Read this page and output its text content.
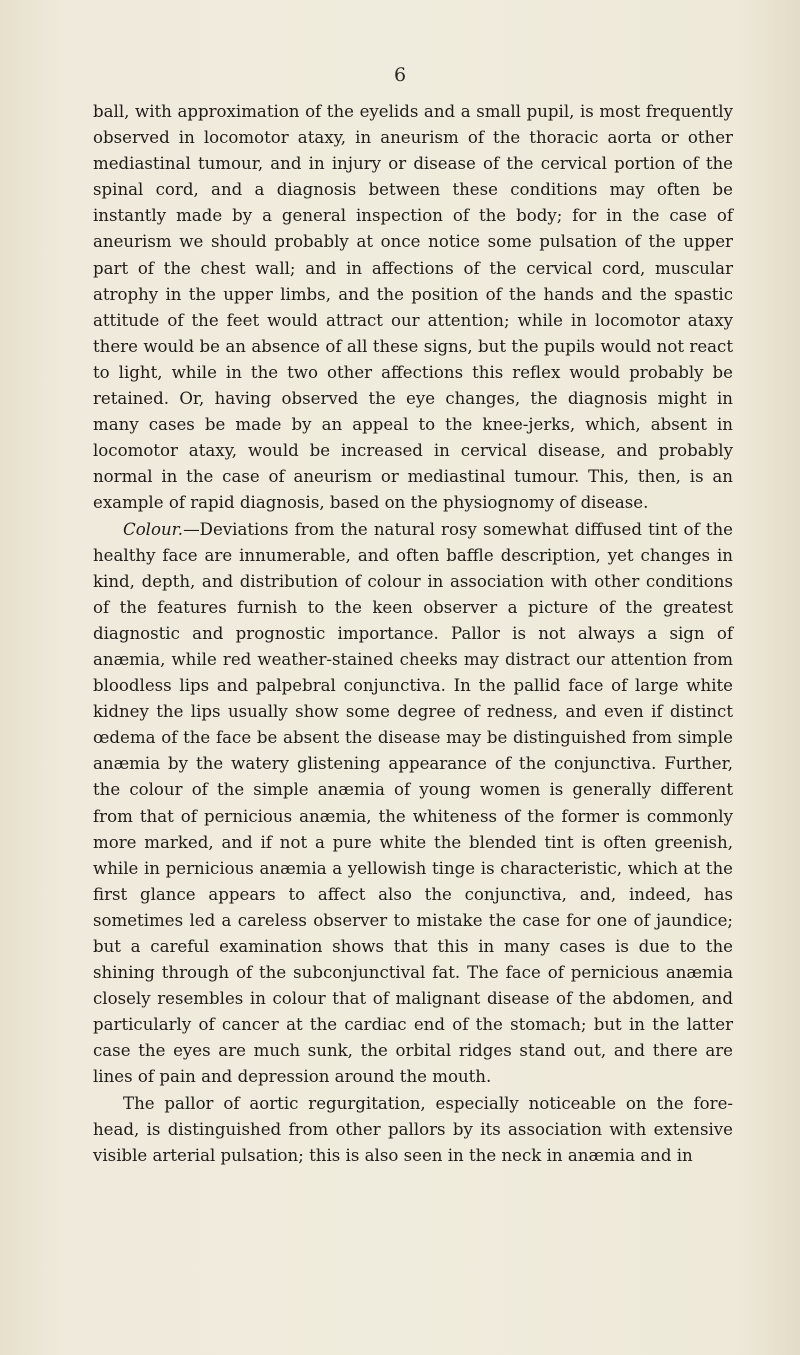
6

ball, with approximation of the eyelids and a small pupil, is most frequently observed in locomotor ataxy, in aneurism of the thoracic aorta or other mediastinal tumour, and in injury or disease of the cervical portion of the spinal cord, and a diagnosis between these conditions may often be instantly made by a general inspection of the body; for in the case of aneurism we should probably at once notice some pulsation of the upper part of the chest wall; and in affections of the cervical cord, muscular atrophy in the upper limbs, and the position of the hands and the spastic attitude of the feet would attract our attention; while in locomotor ataxy there would be an absence of all these signs, but the pupils would not react to light, while in the two other affections this reflex would probably be retained. Or, having observed the eye changes, the diagnosis might in many cases be made by an appeal to the knee-jerks, which, absent in locomotor ataxy, would be increased in cervical disease, and probably normal in the case of aneurism or mediastinal tumour. This, then, is an example of rapid diagnosis, based on the physiognomy of disease.

Colour.—Deviations from the natural rosy somewhat diffused tint of the healthy face are innumerable, and often baffle description, yet changes in kind, depth, and distribution of colour in association with other conditions of the features furnish to the keen observer a picture of the greatest diagnostic and prognostic importance. Pallor is not always a sign of anæmia, while red weather-stained cheeks may distract our attention from bloodless lips and palpebral conjunctiva. In the pallid face of large white kidney the lips usually show some degree of redness, and even if distinct œdema of the face be absent the disease may be distinguished from simple anæmia by the watery glistening appearance of the conjunctiva. Further, the colour of the simple anæmia of young women is generally different from that of pernicious anæmia, the whiteness of the former is commonly more marked, and if not a pure white the blended tint is often greenish, while in pernicious anæmia a yellowish tinge is characteristic, which at the first glance appears to affect also the conjunctiva, and, indeed, has sometimes led a careless observer to mistake the case for one of jaundice; but a careful examination shows that this in many cases is due to the shining through of the subconjunctival fat. The face of pernicious anæmia closely resembles in colour that of malignant disease of the abdomen, and particularly of cancer at the cardiac end of the stomach; but in the latter case the eyes are much sunk, the orbital ridges stand out, and there are lines of pain and depression around the mouth.

The pallor of aortic regurgitation, especially noticeable on the fore-head, is distinguished from other pallors by its association with extensive visible arterial pulsation; this is also seen in the neck in anæmia and in
